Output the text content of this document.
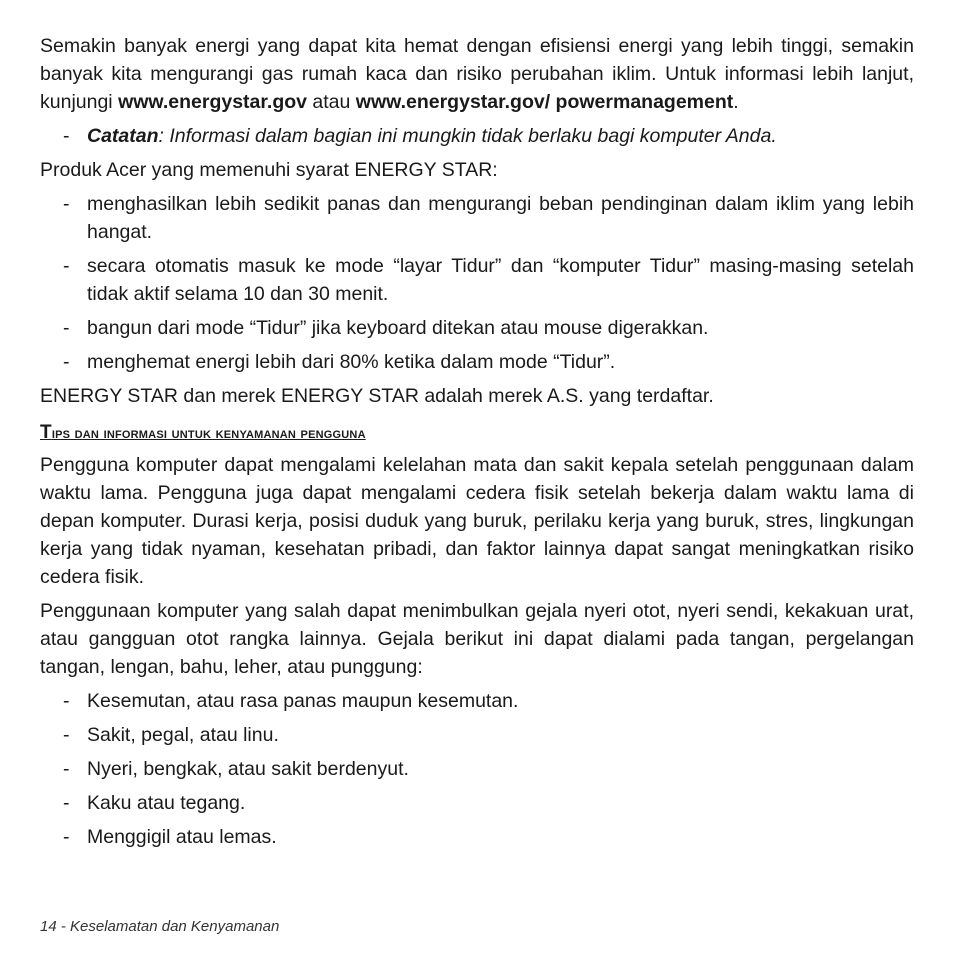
Semakin banyak energi yang dapat kita hemat dengan efisiensi energi yang lebih tinggi, semakin banyak kita mengurangi gas rumah kaca dan risiko perubahan iklim. Untuk informasi lebih lanjut, kunjungi www.energystar.gov atau www.energystar.gov/ powermanagement.

- Catatan: Informasi dalam bagian ini mungkin tidak berlaku bagi komputer Anda.

Produk Acer yang memenuhi syarat ENERGY STAR:

- menghasilkan lebih sedikit panas dan mengurangi beban pendinginan dalam iklim yang lebih hangat.
- secara otomatis masuk ke mode “layar Tidur” dan “komputer Tidur” masing-masing setelah tidak aktif selama 10 dan 30 menit.
- bangun dari mode “Tidur” jika keyboard ditekan atau mouse digerakkan.
- menghemat energi lebih dari 80% ketika dalam mode “Tidur”.

ENERGY STAR dan merek ENERGY STAR adalah merek A.S. yang terdaftar.

Tips dan informasi untuk kenyamanan pengguna

Pengguna komputer dapat mengalami kelelahan mata dan sakit kepala setelah penggunaan dalam waktu lama. Pengguna juga dapat mengalami cedera fisik setelah bekerja dalam waktu lama di depan komputer. Durasi kerja, posisi duduk yang buruk, perilaku kerja yang buruk, stres, lingkungan kerja yang tidak nyaman, kesehatan pribadi, dan faktor lainnya dapat sangat meningkatkan risiko cedera fisik.

Penggunaan komputer yang salah dapat menimbulkan gejala nyeri otot, nyeri sendi, kekakuan urat, atau gangguan otot rangka lainnya. Gejala berikut ini dapat dialami pada tangan, pergelangan tangan, lengan, bahu, leher, atau punggung:

- Kesemutan, atau rasa panas maupun kesemutan.
- Sakit, pegal, atau linu.
- Nyeri, bengkak, atau sakit berdenyut.
- Kaku atau tegang.
- Menggigil atau lemas.
14 - Keselamatan dan Kenyamanan
